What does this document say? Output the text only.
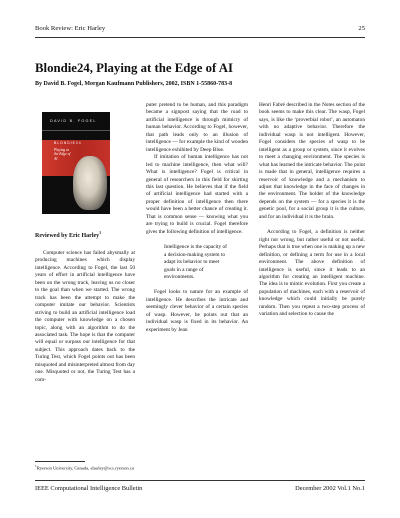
Book Review: Eric Harley	25
Blondie24, Playing at the Edge of AI
By David B. Fogel, Morgan Kaufmann Publishers, 2002, ISBN 1-55860-783-8
DAVID B. FOGEL
BLONDIE24
Playing at the Edge of AI
Reviewed by Eric Harley$^1$

Computer science has failed abysmally at producing machines which display intelligence. According to Fogel, the last 50 years of effort in artificial intelligence have been on the wrong track, leaving us no closer to the goal than when we started. The wrong track has been the attempt to make the computer imitate our behavior. Scientists striving to build an artificial intelligence load the computer with knowledge on a chosen topic, along with an algorithm to do the associated task. The hope is that the computer will equal or surpass our intelligence for that subject. This approach dates back to the Turing Test, which Fogel points out has been misquoted and misinterpreted almost from day one. Misquoted or not, the Turing Test has a com-

puter pretend to be human, and this paradigm became a signpost saying that the road to artificial intelligence is through mimicry of human behavior. According to Fogel, however, that path leads only to an illusion of intelligence — for example the kind of wooden intelligence exhibited by Deep Blue.

If imitation of human intelligence has not led to machine intelligence, then what will? What is intelligence? Fogel is critical in general of researchers in this field for skirting this last question. He believes that if the field of artificial intelligence had started with a proper definition of intelligence then there would have been a better chance of creating it. That is common sense — knowing what you are trying to build is crucial. Fogel therefore gives the following definition of intelligence.

Intelligence is the capacity of a decision-making system to adapt its behavior to meet goals in a range of environments.

Fogel looks to nature for an example of intelligence. He describes the intricate and seemingly clever behavior of a certain species of wasp. However, he points out that an individual wasp is fixed in its behavior. An experiment by Jean

Henri Fabré described in the Notes section of the book seems to make this clear. The wasp, Fogel says, is like the ‘proverbial robot’, an automaton with no adaptive behavior. Therefore the individual wasp is not intelligent. However, Fogel considers the species of wasp to be intelligent as a group or system, since it evolves to meet a changing environment. The species is what has learned the intricate behavior. The point is made that in general, intelligence requires a reservoir of knowledge and a mechanism to adjust that knowledge in the face of changes in the environment. The holder of the knowledge depends on the system — for a species it is the genetic pool, for a social group it is the culture, and for an individual it is the brain.

According to Fogel, a definition is neither right nor wrong, but rather useful or not useful. Perhaps that is true when one is making up a new definition, or defining a term for use in a local environment. The above definition of intelligence is useful, since it leads to an algorithm for creating an intelligent machine. The idea is to mimic evolution. First you create a population of machines, each with a reservoir of knowledge which could initially be purely random. Then you repeat a two-step process of variation and selection to cause the

$^1$Ryerson University, Canada, eharley@scs.ryerson.ca
IEEE Computational Intelligence Bulletin	December 2002 Vol.1 No.1
